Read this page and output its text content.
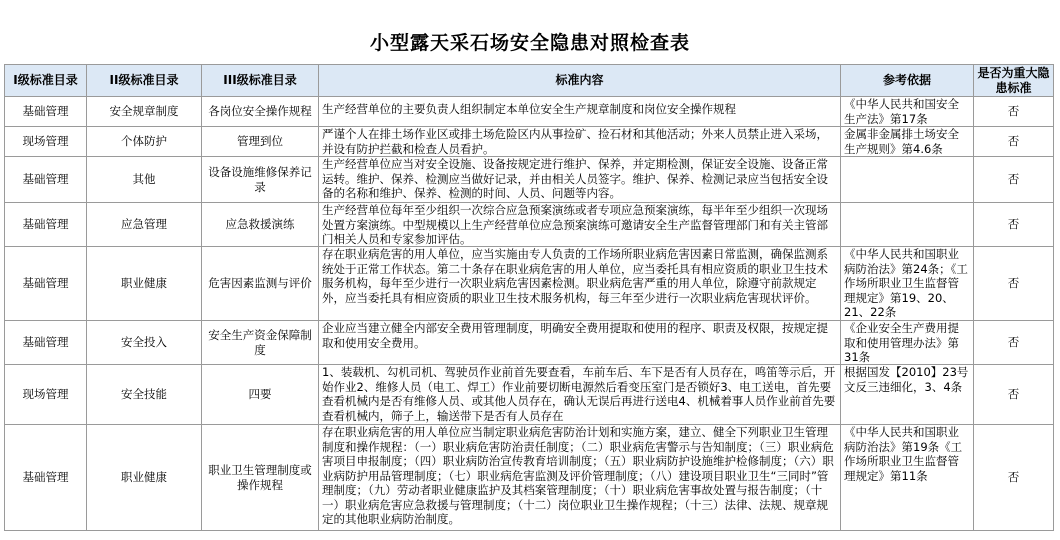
小型露天采石场安全隐患对照检查表
I级标准目录	II级标准目录	III级标准目录	标准内容	参考依据	是否为重大隐患标准
基础管理	安全规章制度	各岗位安全操作规程	生产经营单位的主要负责人组织制定本单位安全生产规章制度和岗位安全操作规程	《中华人民共和国安全生产法》第17条	否
现场管理	个体防护	管理到位	严谨个人在排土场作业区或排土场危险区内从事捡矿、捡石材和其他活动；外来人员禁止进入采场，并设有防护拦截和检查人员看护。	金属非金属排土场安全生产规则》第4.6条	否
基础管理	其他	设备设施维修保养记录	生产经营单位应当对安全设施、设备按规定进行维护、保养，并定期检测，保证安全设施、设备正常运转。维护、保养、检测应当做好记录，并由相关人员签字。维护、保养、检测记录应当包括安全设备的名称和维护、保养、检测的时间、人员、问题等内容。		否
基础管理	应急管理	应急救援演练	生产经营单位每年至少组织一次综合应急预案演练或者专项应急预案演练，每半年至少组织一次现场处置方案演练。中型规模以上生产经营单位应急预案演练可邀请安全生产监督管理部门和有关主管部门相关人员和专家参加评估。		否
基础管理	职业健康	危害因素监测与评价	存在职业病危害的用人单位，应当实施由专人负责的工作场所职业病危害因素日常监测，确保监测系统处于正常工作状态。第二十条存在职业病危害的用人单位，应当委托具有相应资质的职业卫生技术服务机构，每年至少进行一次职业病危害因素检测。职业病危害严重的用人单位，除遵守前款规定外，应当委托具有相应资质的职业卫生技术服务机构，每三年至少进行一次职业病危害现状评价。	《中华人民共和国职业病防治法》第24条；《工作场所职业卫生监督管理规定》第19、20、21、22条	否
基础管理	安全投入	安全生产资金保障制度	企业应当建立健全内部安全费用管理制度，明确安全费用提取和使用的程序、职责及权限，按规定提取和使用安全费用。	《企业安全生产费用提取和使用管理办法》第31条	否
现场管理	安全技能	四要	1、装载机、勾机司机、驾驶员作业前首先要查看，车前车后、车下是否有人员存在，鸣笛等示后，开始作业2、维修人员（电工、焊工）作业前要切断电源然后看变压室门是否锁好3、电工送电，首先要查看机械内是否有维修人员、或其他人员存在，确认无误后再进行送电4、机械着事人员作业前首先要查看机械内，筛子上，输送带下是否有人员存在	根据国发【2010】23号文反三违细化，3、4条	否
基础管理	职业健康	职业卫生管理制度或操作规程	存在职业病危害的用人单位应当制定职业病危害防治计划和实施方案，建立、健全下列职业卫生管理制度和操作规程：（一）职业病危害防治责任制度；（二）职业病危害警示与告知制度；（三）职业病危害项目申报制度；（四）职业病防治宣传教育培训制度；（五）职业病防护设施维护检修制度；（六）职业病防护用品管理制度；（七）职业病危害监测及评价管理制度；（八）建设项目职业卫生“三同时”管理制度；（九）劳动者职业健康监护及其档案管理制度；（十）职业病危害事故处置与报告制度；（十一）职业病危害应急救援与管理制度；（十二）岗位职业卫生操作规程；（十三）法律、法规、规章规定的其他职业病防治制度。	《中华人民共和国职业病防治法》第19条《工作场所职业卫生监督管理规定》第11条	否
